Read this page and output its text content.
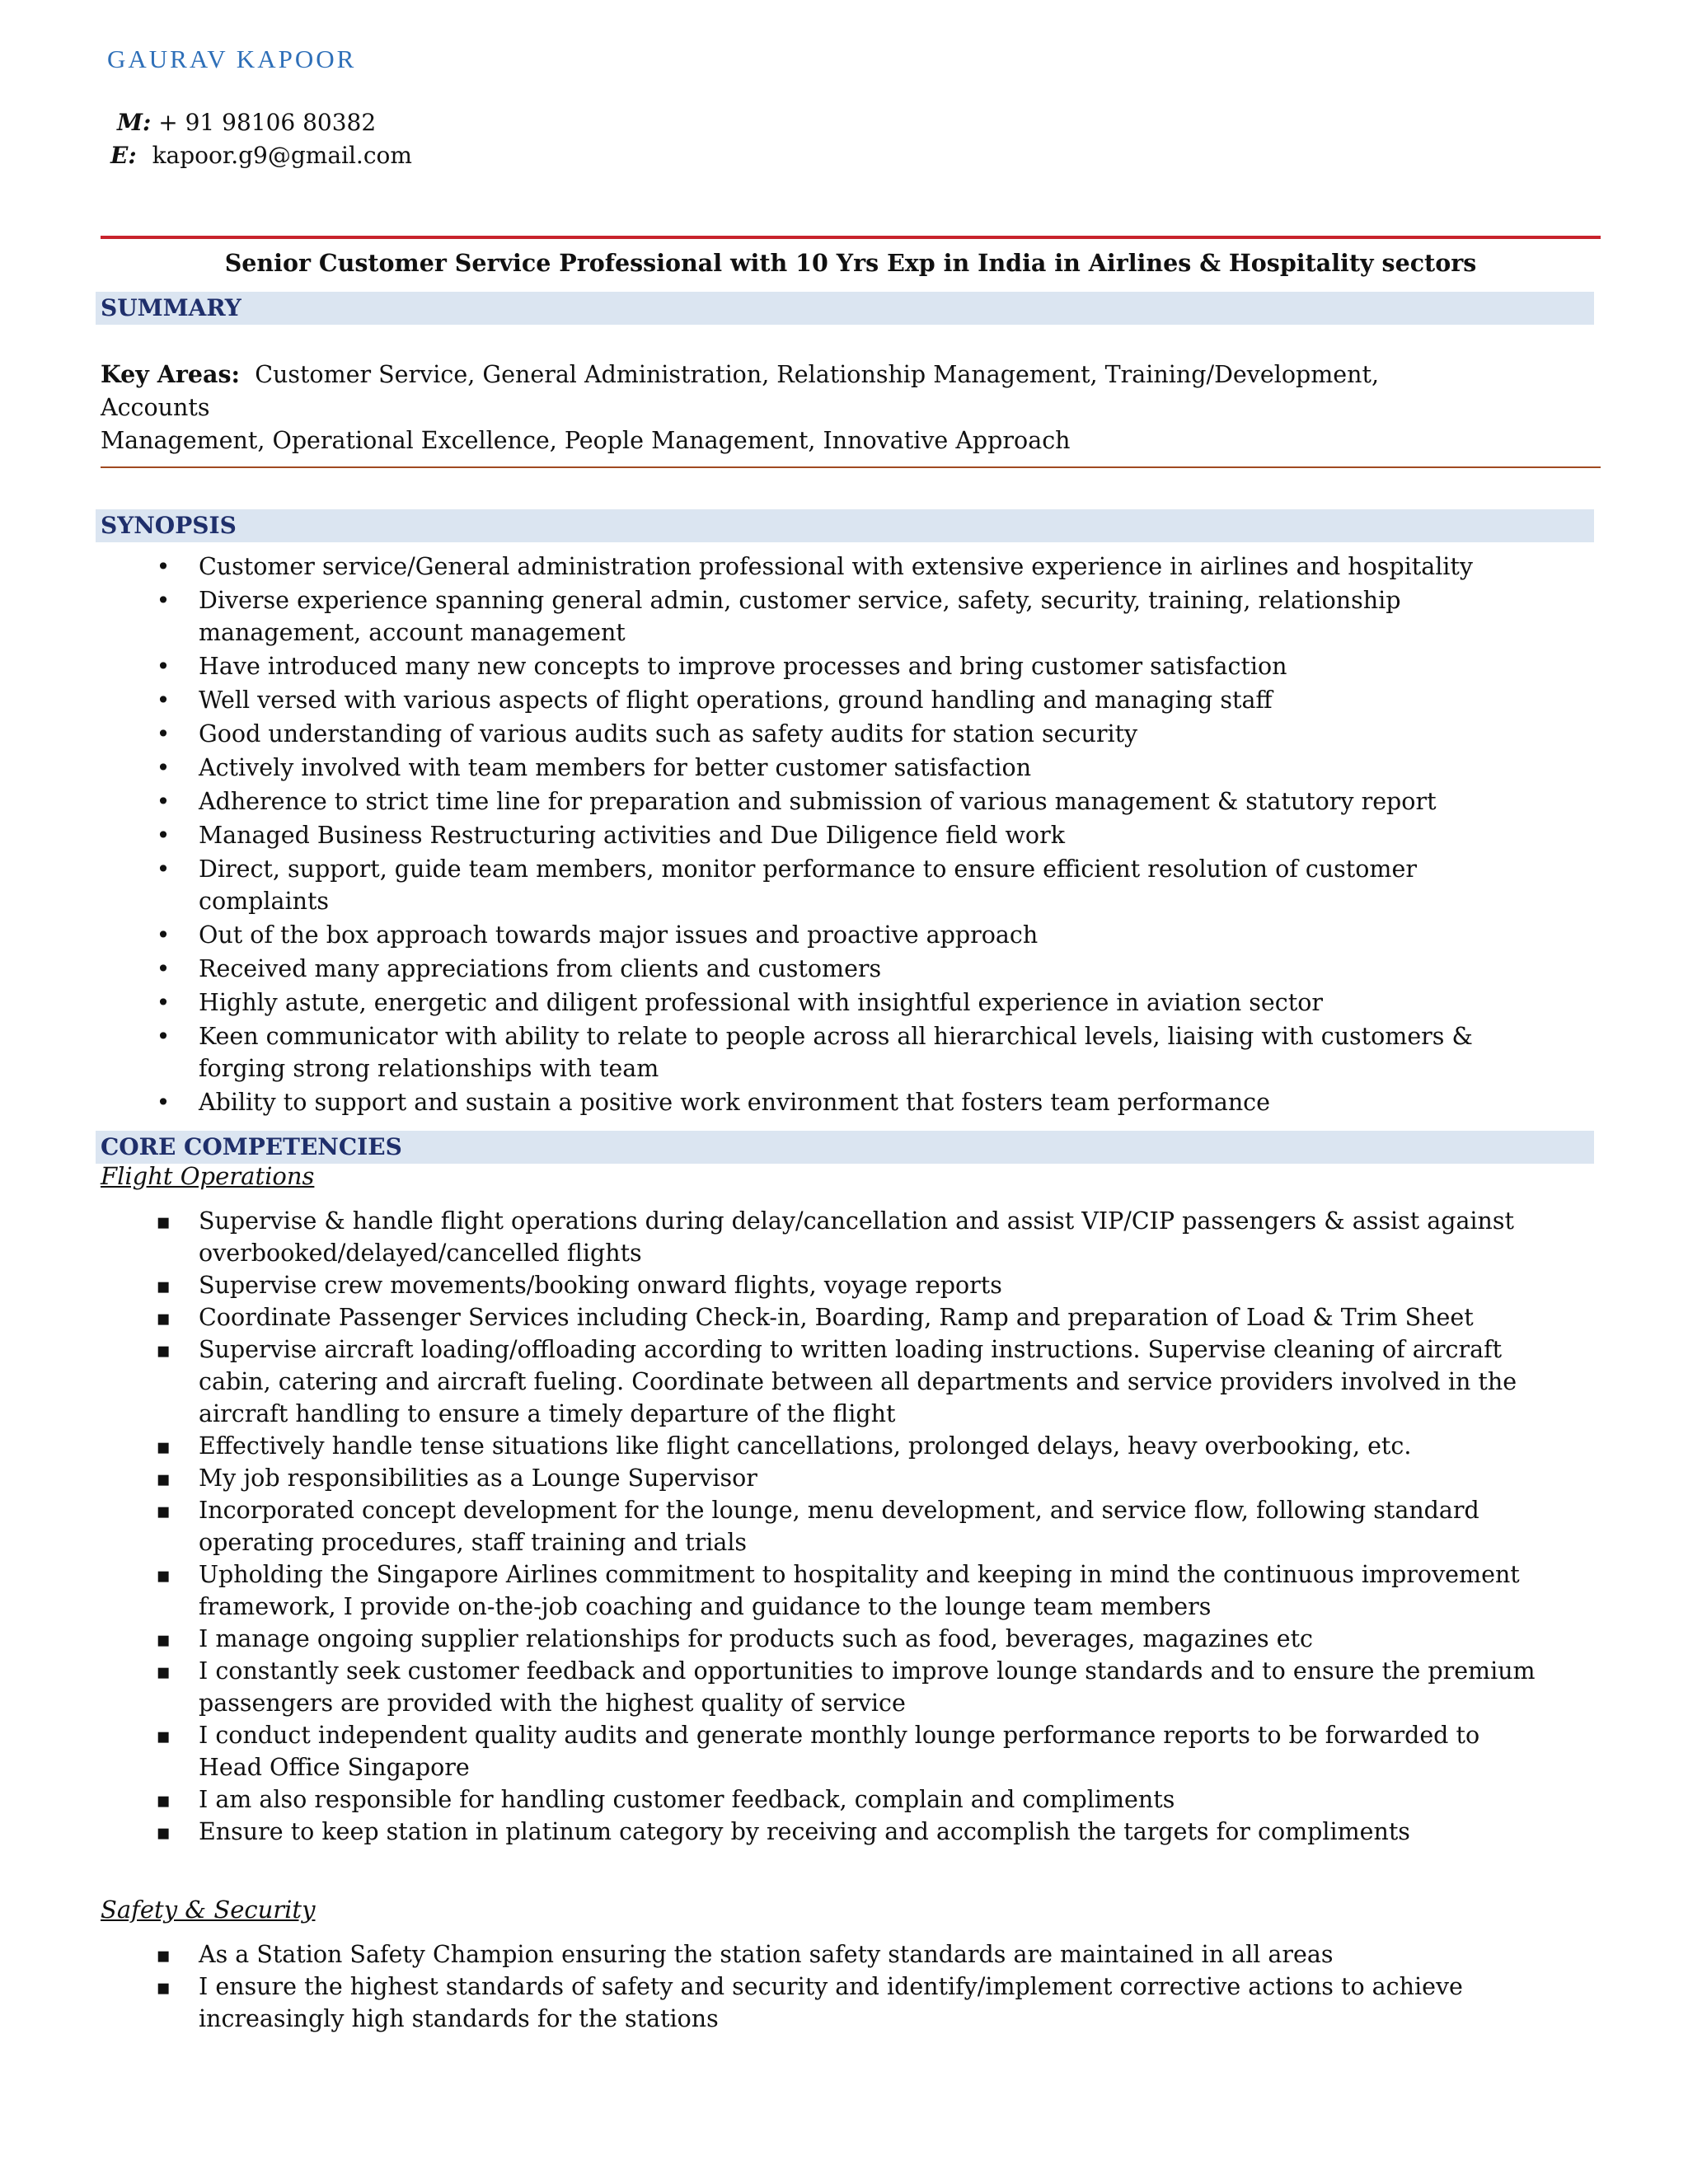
GAURAV KAPOOR
M: + 91 98106 80382
E: kapoor.g9@gmail.com
Senior Customer Service Professional with 10 Yrs Exp in India in Airlines & Hospitality sectors
SUMMARY
Key Areas: Customer Service, General Administration, Relationship Management, Training/Development, Accounts
Management, Operational Excellence, People Management, Innovative Approach
SYNOPSIS
•
Customer service/General administration professional with extensive experience in airlines and hospitality
•
Diverse experience spanning general admin, customer service, safety, security, training, relationship management, account management
•
Have introduced many new concepts to improve processes and bring customer satisfaction
•
Well versed with various aspects of flight operations, ground handling and managing staff
•
Good understanding of various audits such as safety audits for station security
•
Actively involved with team members for better customer satisfaction
•
Adherence to strict time line for preparation and submission of various management & statutory report
•
Managed Business Restructuring activities and Due Diligence field work
•
Direct, support, guide team members, monitor performance to ensure efficient resolution of customer complaints
•
Out of the box approach towards major issues and proactive approach
•
Received many appreciations from clients and customers
•
Highly astute, energetic and diligent professional with insightful experience in aviation sector
•
Keen communicator with ability to relate to people across all hierarchical levels, liaising with customers & forging strong relationships with team
•
Ability to support and sustain a positive work environment that fosters team performance
CORE COMPETENCIES
Flight Operations
▪
Supervise & handle flight operations during delay/cancellation and assist VIP/CIP passengers & assist against overbooked/delayed/cancelled flights
▪
Supervise crew movements/booking onward flights, voyage reports
▪
Coordinate Passenger Services including Check-in, Boarding, Ramp and preparation of Load & Trim Sheet
▪
Supervise aircraft loading/offloading according to written loading instructions. Supervise cleaning of aircraft cabin, catering and aircraft fueling. Coordinate between all departments and service providers involved in the aircraft handling to ensure a timely departure of the flight
▪
Effectively handle tense situations like flight cancellations, prolonged delays, heavy overbooking, etc.
▪
My job responsibilities as a Lounge Supervisor
▪
Incorporated concept development for the lounge, menu development, and service flow, following standard operating procedures, staff training and trials
▪
Upholding the Singapore Airlines commitment to hospitality and keeping in mind the continuous improvement framework, I provide on-the-job coaching and guidance to the lounge team members
▪
I manage ongoing supplier relationships for products such as food, beverages, magazines etc
▪
I constantly seek customer feedback and opportunities to improve lounge standards and to ensure the premium passengers are provided with the highest quality of service
▪
I conduct independent quality audits and generate monthly lounge performance reports to be forwarded to Head Office Singapore
▪
I am also responsible for handling customer feedback, complain and compliments
▪
Ensure to keep station in platinum category by receiving and accomplish the targets for compliments
Safety & Security
▪
As a Station Safety Champion ensuring the station safety standards are maintained in all areas
▪
I ensure the highest standards of safety and security and identify/implement corrective actions to achieve increasingly high standards for the stations
